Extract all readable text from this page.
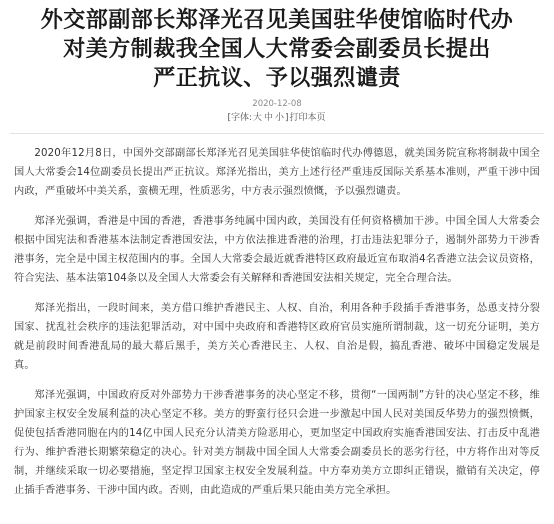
外交部副部长郑泽光召见美国驻华使馆临时代办
对美方制裁我全国人大常委会副委员长提出
严正抗议、予以强烈谴责
2020-12-08
[字体:大 中 小]打印本页

2020年12月8日，中国外交部副部长郑泽光召见美国驻华使馆临时代办傅德恩，就美国务院宣称将制裁中国全国人大常委会14位副委员长提出严正抗议。郑泽光指出，美方上述行径严重违反国际关系基本准则，严重干涉中国内政，严重破坏中美关系，蛮横无理，性质恶劣，中方表示强烈愤慨，予以强烈谴责。

郑泽光强调，香港是中国的香港，香港事务纯属中国内政，美国没有任何资格横加干涉。中国全国人大常委会根据中国宪法和香港基本法制定香港国安法，中方依法推进香港的治理，打击违法犯罪分子，遏制外部势力干涉香港事务，完全是中国主权范围内的事。全国人大常委会最近就香港特区政府最近宣布取消4名香港立法会议员资格，符合宪法、基本法第104条以及全国人大常委会有关解释和香港国安法相关规定，完全合理合法。

郑泽光指出，一段时间来，美方借口维护香港民主、人权、自治，利用各种手段插手香港事务，怂恿支持分裂国家、扰乱社会秩序的违法犯罪活动，对中国中央政府和香港特区政府官员实施所谓制裁，这一切充分证明，美方就是前段时间香港乱局的最大幕后黑手，美方关心香港民主、人权、自治是假，搞乱香港、破坏中国稳定发展是真。

郑泽光强调，中国政府反对外部势力干涉香港事务的决心坚定不移，贯彻“一国两制”方针的决心坚定不移，维护国家主权安全发展利益的决心坚定不移。美方的野蛮行径只会进一步激起中国人民对美国反华势力的强烈愤慨，促使包括香港同胞在内的14亿中国人民充分认清美方险恶用心，更加坚定中国政府实施香港国安法、打击反中乱港行为、维护香港长期繁荣稳定的决心。针对美方制裁中国全国人大常委会副委员长的恶劣行径，中方将作出对等反制，并继续采取一切必要措施，坚定捍卫国家主权安全发展利益。中方奉劝美方立即纠正错误，撤销有关决定，停止插手香港事务、干涉中国内政。否则，由此造成的严重后果只能由美方完全承担。
